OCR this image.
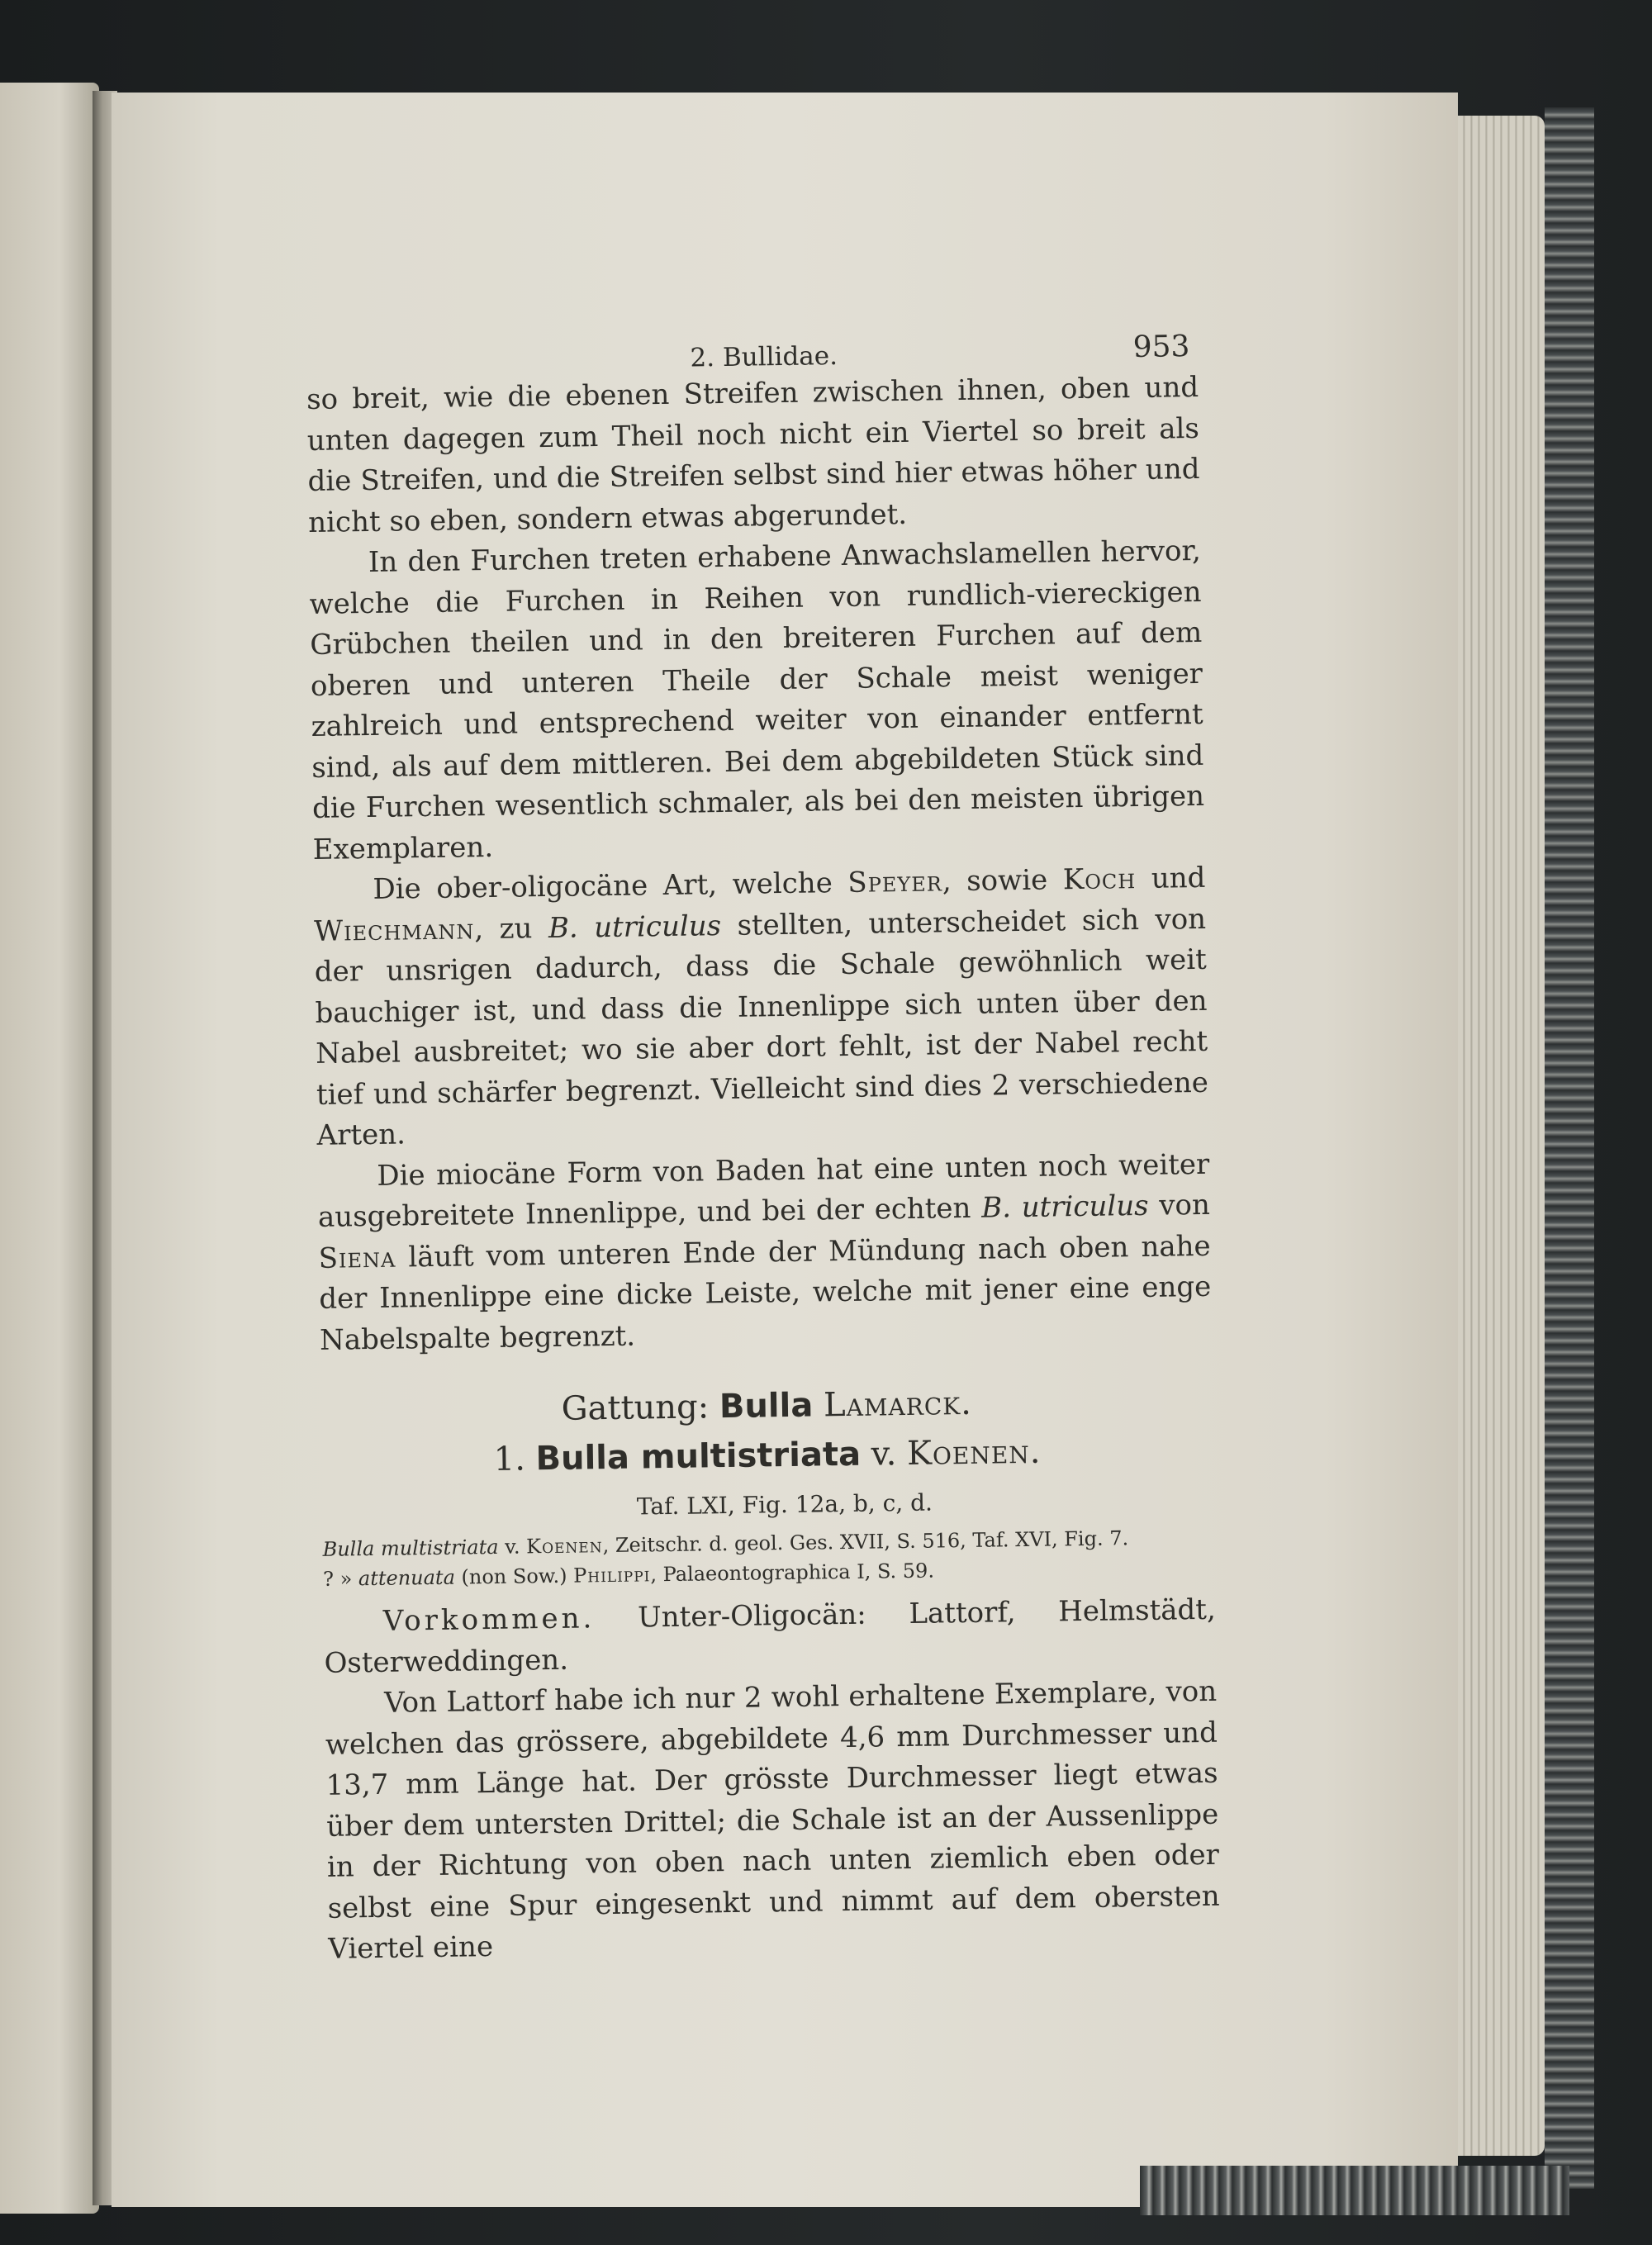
2. Bullidae.	953

so breit, wie die ebenen Streifen zwischen ihnen, oben und unten dagegen zum Theil noch nicht ein Viertel so breit als die Streifen, und die Streifen selbst sind hier etwas höher und nicht so eben, sondern etwas abgerundet.

In den Furchen treten erhabene Anwachslamellen hervor, welche die Furchen in Reihen von rundlich-viereckigen Grübchen theilen und in den breiteren Furchen auf dem oberen und unteren Theile der Schale meist weniger zahlreich und entsprechend weiter von einander entfernt sind, als auf dem mittleren. Bei dem abgebildeten Stück sind die Furchen wesentlich schmaler, als bei den meisten übrigen Exemplaren.

Die ober-oligocäne Art, welche Speyer, sowie Koch und Wiechmann, zu B. utriculus stellten, unterscheidet sich von der unsrigen dadurch, dass die Schale gewöhnlich weit bauchiger ist, und dass die Innenlippe sich unten über den Nabel ausbreitet; wo sie aber dort fehlt, ist der Nabel recht tief und schärfer begrenzt. Vielleicht sind dies 2 verschiedene Arten.

Die miocäne Form von Baden hat eine unten noch weiter ausgebreitete Innenlippe, und bei der echten B. utriculus von Siena läuft vom unteren Ende der Mündung nach oben nahe der Innenlippe eine dicke Leiste, welche mit jener eine enge Nabelspalte begrenzt.

Gattung: Bulla Lamarck.
1. Bulla multistriata v. Koenen.
Taf. LXI, Fig. 12a, b, c, d.
Bulla multistriata v. Koenen, Zeitschr. d. geol. Ges. XVII, S. 516, Taf. XVI, Fig. 7.
? » attenuata (non Sow.) Philippi, Palaeontographica I, S. 59.

Vorkommen. Unter-Oligocän: Lattorf, Helmstädt, Osterweddingen.

Von Lattorf habe ich nur 2 wohl erhaltene Exemplare, von welchen das grössere, abgebildete 4,6 mm Durchmesser und 13,7 mm Länge hat. Der grösste Durchmesser liegt etwas über dem untersten Drittel; die Schale ist an der Aussenlippe in der Richtung von oben nach unten ziemlich eben oder selbst eine Spur eingesenkt und nimmt auf dem obersten Viertel eine
